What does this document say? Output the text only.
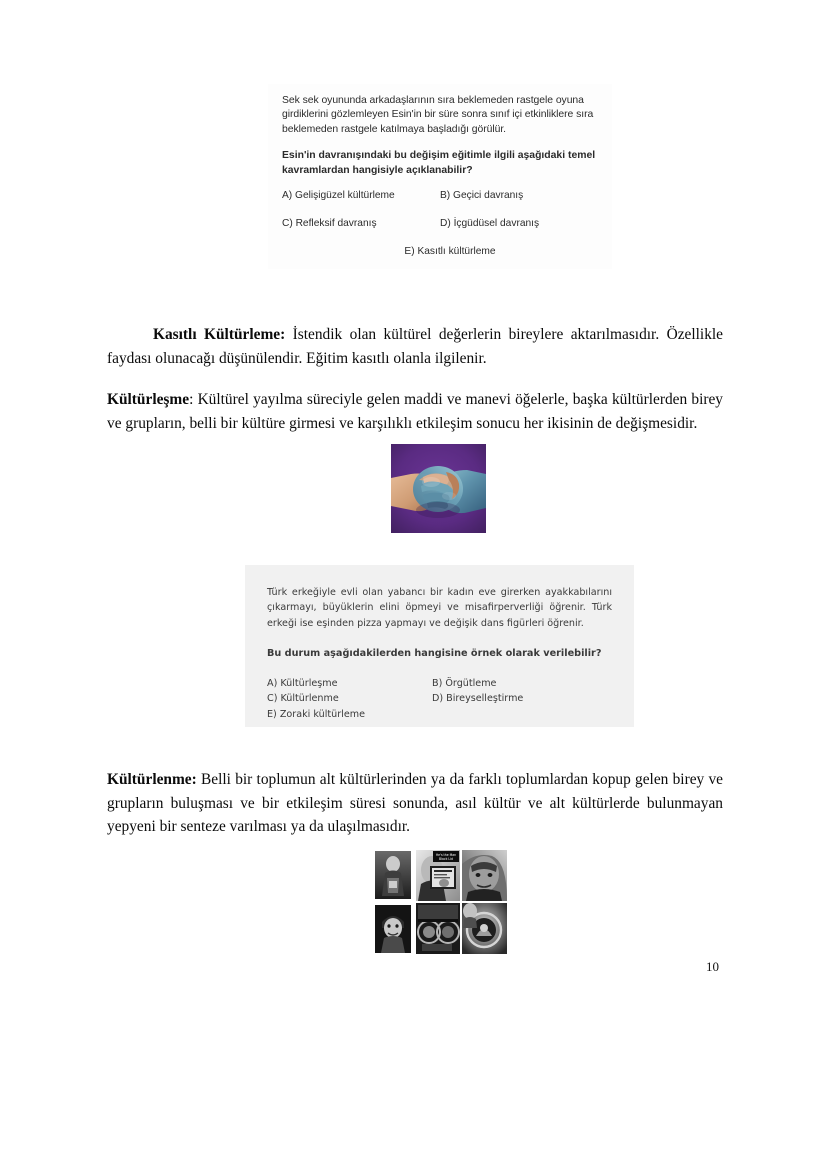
Sek sek oyununda arkadaşlarının sıra beklemeden rastgele oyuna girdiklerini gözlemleyen Esin'in bir süre sonra sınıf içi etkinliklere sıra beklemeden rastgele katılmaya başladığı görülür.

Esin'in davranışındaki bu değişim eğitimle ilgili aşağıdaki temel kavramlardan hangisiyle açıklanabilir?

A) Gelişigüzel kültürleme	B) Geçici davranış
C) Refleksif davranış	D) İçgüdüsel davranış
E) Kasıtlı kültürleme

Kasıtlı Kültürleme: İstendik olan kültürel değerlerin bireylere aktarılmasıdır. Özellikle faydası olunacağı düşünülendir. Eğitim kasıtlı olanla ilgilenir.

Kültürleşme: Kültürel yayılma süreciyle gelen maddi ve manevi öğelerle, başka kültürlerden birey ve grupların, belli bir kültüre girmesi ve karşılıklı etkileşim sonucu her ikisinin de değişmesidir.

Türk erkeğiyle evli olan yabancı bir kadın eve girerken ayakkabılarını çıkarmayı, büyüklerin elini öpmeyi ve misafirperverliği öğrenir. Türk erkeği ise eşinden pizza yapmayı ve değişik dans figürleri öğrenir.

Bu durum aşağıdakilerden hangisine örnek olarak verilebilir?

A) Kültürleşme	B) Örgütleme
C) Kültürlenme	D) Bireyselleştirme
E) Zoraki kültürleme

Kültürlenme: Belli bir toplumun alt kültürlerinden ya da farklı toplumlardan kopup gelen birey ve grupların buluşması ve bir etkileşim süresi sonunda, asıl kültür ve alt kültürlerde bulunmayan yepyeni bir senteze varılması ya da ulaşılmasıdır.

He's the Man
Black Lid
10
